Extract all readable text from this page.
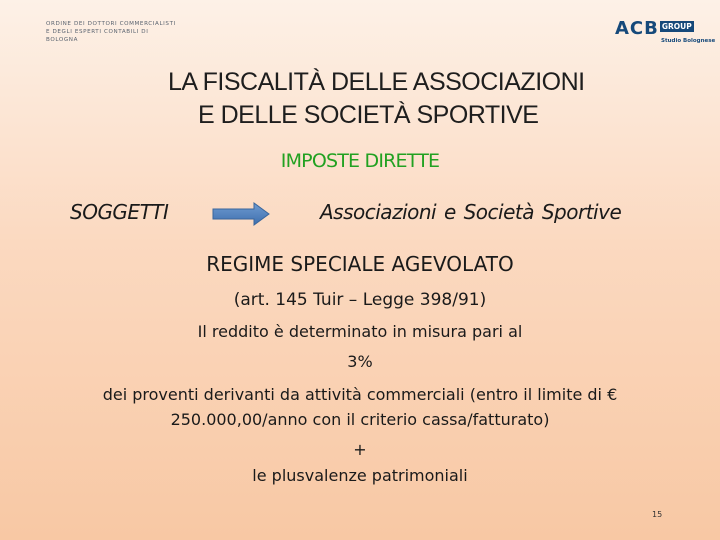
ORDINE DEI DOTTORI COMMERCIALISTI
E DEGLI ESPERTI CONTABILI DI
BOLOGNA
ACB GROUP
Studio Bolognese
LA FISCALITÀ DELLE ASSOCIAZIONI
E DELLE SOCIETÀ SPORTIVE
IMPOSTE DIRETTE
SOGGETTI	Associazioni e Società Sportive
REGIME SPECIALE AGEVOLATO
(art. 145 Tuir – Legge 398/91)
Il reddito è determinato in misura pari al
3%
dei proventi derivanti da attività commerciali (entro il limite di €
250.000,00/anno con il criterio cassa/fatturato)
+
le plusvalenze patrimoniali
15
